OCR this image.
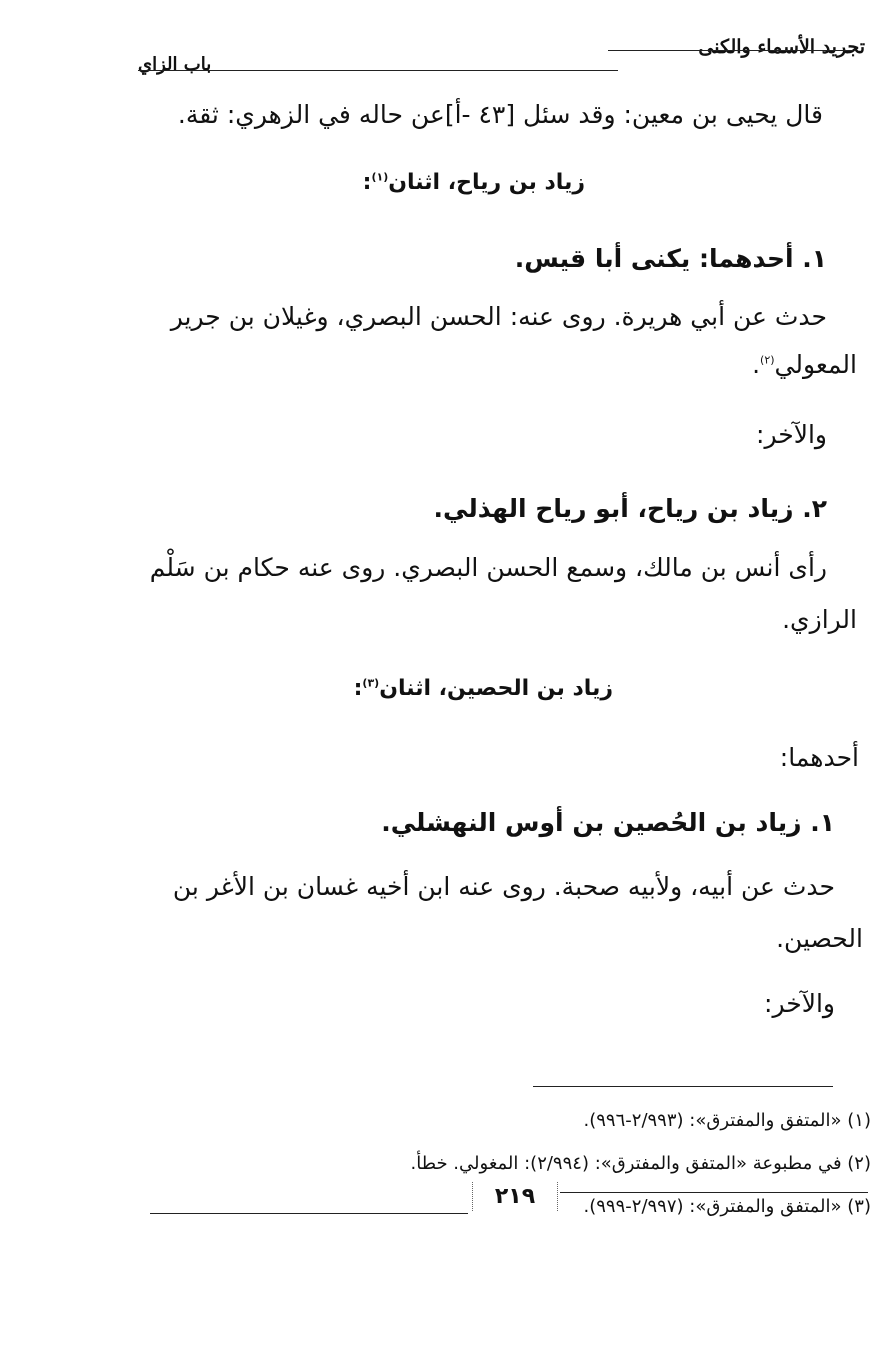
تجريد الأسماء والكنى
باب الزاي
قال يحيى بن معين: وقد سئل [٤٣ -أ]عن حاله في الزهري: ثقة.
زياد بن رياح، اثنان$^{(١)}$:
١. أحدهما: يكنى أبا قيس.
حدث عن أبي هريرة. روى عنه: الحسن البصري، وغيلان بن جرير
المعولي$^{(٢)}$.
والآخر:
٢. زياد بن رياح، أبو رياح الهذلي.
رأى أنس بن مالك، وسمع الحسن البصري. روى عنه حكام بن سَلْم
الرازي.
زياد بن الحصين، اثنان$^{(٣)}$:
أحدهما:
١. زياد بن الحُصين بن أوس النهشلي.
حدث عن أبيه، ولأبيه صحبة. روى عنه ابن أخيه غسان بن الأغر بن
الحصين.
والآخر:
(١) «المتفق والمفترق»: (٢/٩٩٣-٩٩٦).
(٢) في مطبوعة «المتفق والمفترق»: (٢/٩٩٤): المغولي. خطأ.
(٣) «المتفق والمفترق»: (٢/٩٩٧-٩٩٩).
٢١٩
